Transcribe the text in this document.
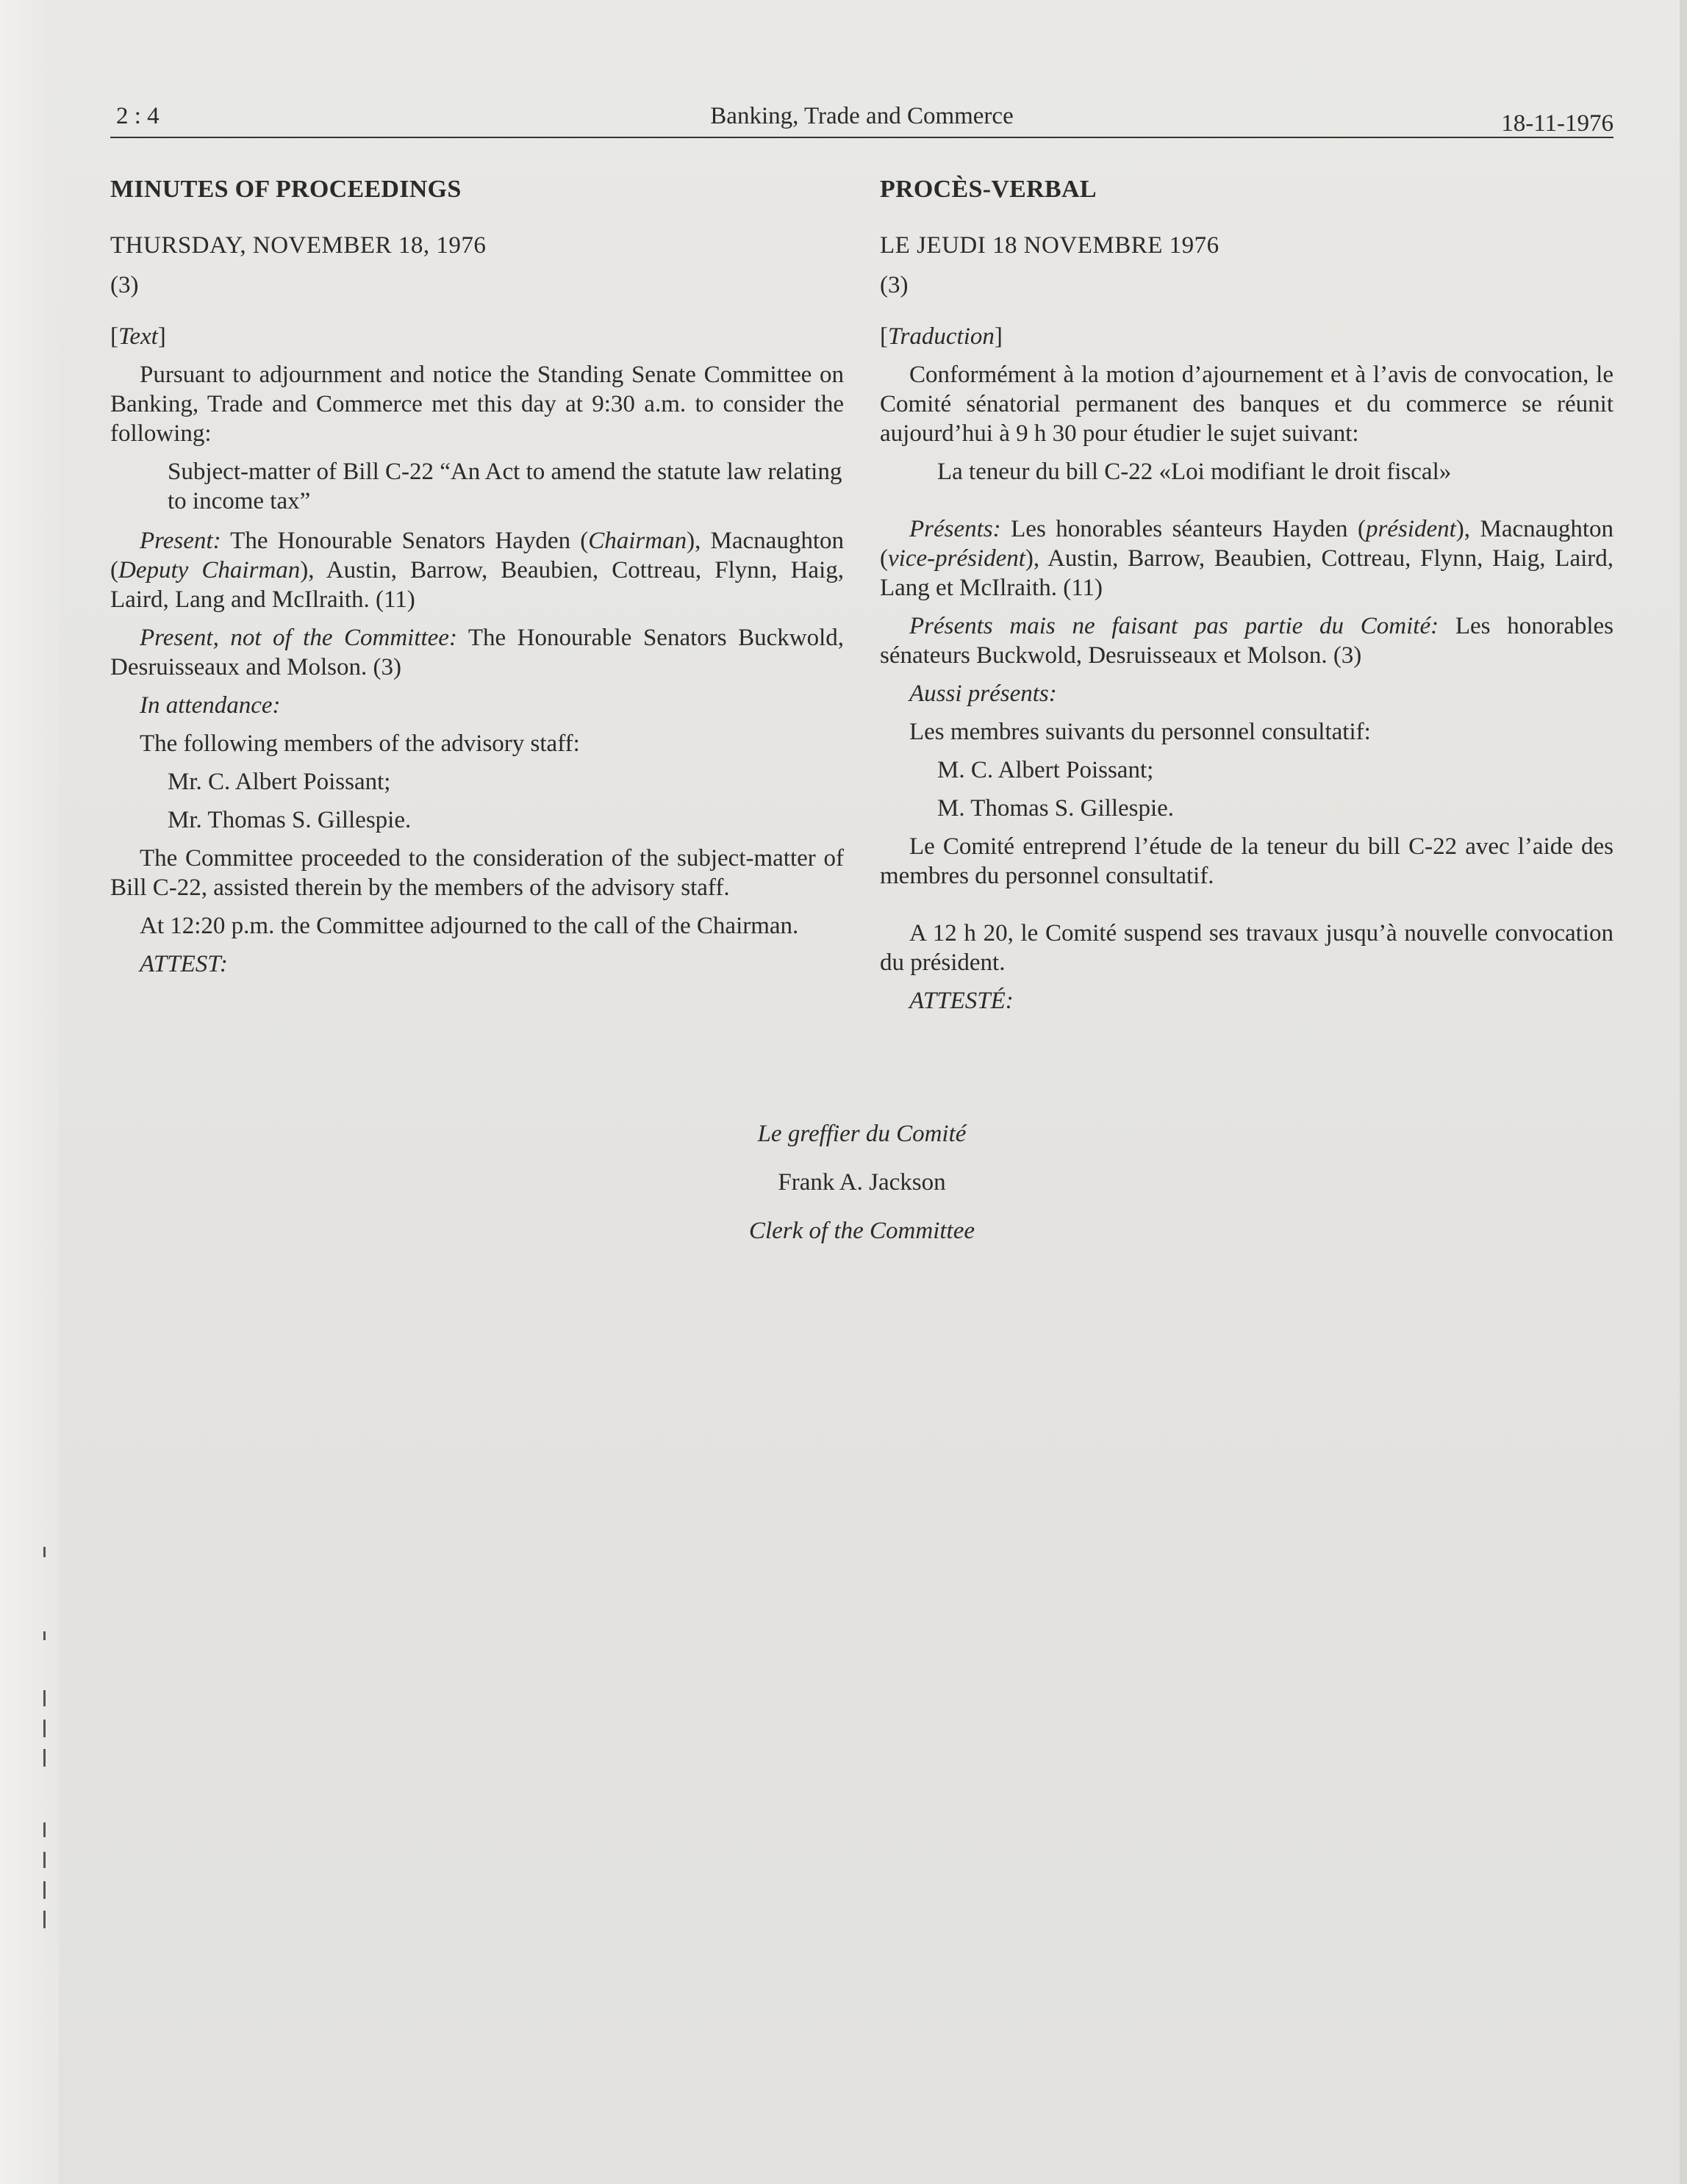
2 : 4	Banking, Trade and Commerce	18-11-1976
MINUTES OF PROCEEDINGS
THURSDAY, NOVEMBER 18, 1976
(3)
[Text]

Pursuant to adjournment and notice the Standing Senate Committee on Banking, Trade and Commerce met this day at 9:30 a.m. to consider the following:

Subject-matter of Bill C-22 “An Act to amend the statute law relating to income tax”

Present: The Honourable Senators Hayden (Chairman), Macnaughton (Deputy Chairman), Austin, Barrow, Beaubien, Cottreau, Flynn, Haig, Laird, Lang and McIlraith. (11)

Present, not of the Committee: The Honourable Senators Buckwold, Desruisseaux and Molson. (3)

In attendance:

The following members of the advisory staff:

Mr. C. Albert Poissant;

Mr. Thomas S. Gillespie.

The Committee proceeded to the consideration of the subject-matter of Bill C-22, assisted therein by the members of the advisory staff.

At 12:20 p.m. the Committee adjourned to the call of the Chairman.

ATTEST:

PROCÈS-VERBAL
LE JEUDI 18 NOVEMBRE 1976
(3)
[Traduction]

Conformément à la motion d’ajournement et à l’avis de convocation, le Comité sénatorial permanent des banques et du commerce se réunit aujourd’hui à 9 h 30 pour étudier le sujet suivant:

La teneur du bill C-22 «Loi modifiant le droit fiscal»

Présents: Les honorables séanteurs Hayden (président), Macnaughton (vice-président), Austin, Barrow, Beaubien, Cottreau, Flynn, Haig, Laird, Lang et McIlraith. (11)

Présents mais ne faisant pas partie du Comité: Les honorables sénateurs Buckwold, Desruisseaux et Molson. (3)

Aussi présents:

Les membres suivants du personnel consultatif:

M. C. Albert Poissant;

M. Thomas S. Gillespie.

Le Comité entreprend l’étude de la teneur du bill C-22 avec l’aide des membres du personnel consultatif.

A 12 h 20, le Comité suspend ses travaux jusqu’à nouvelle convocation du président.

ATTESTÉ:

Le greffier du Comité
Frank A. Jackson
Clerk of the Committee
